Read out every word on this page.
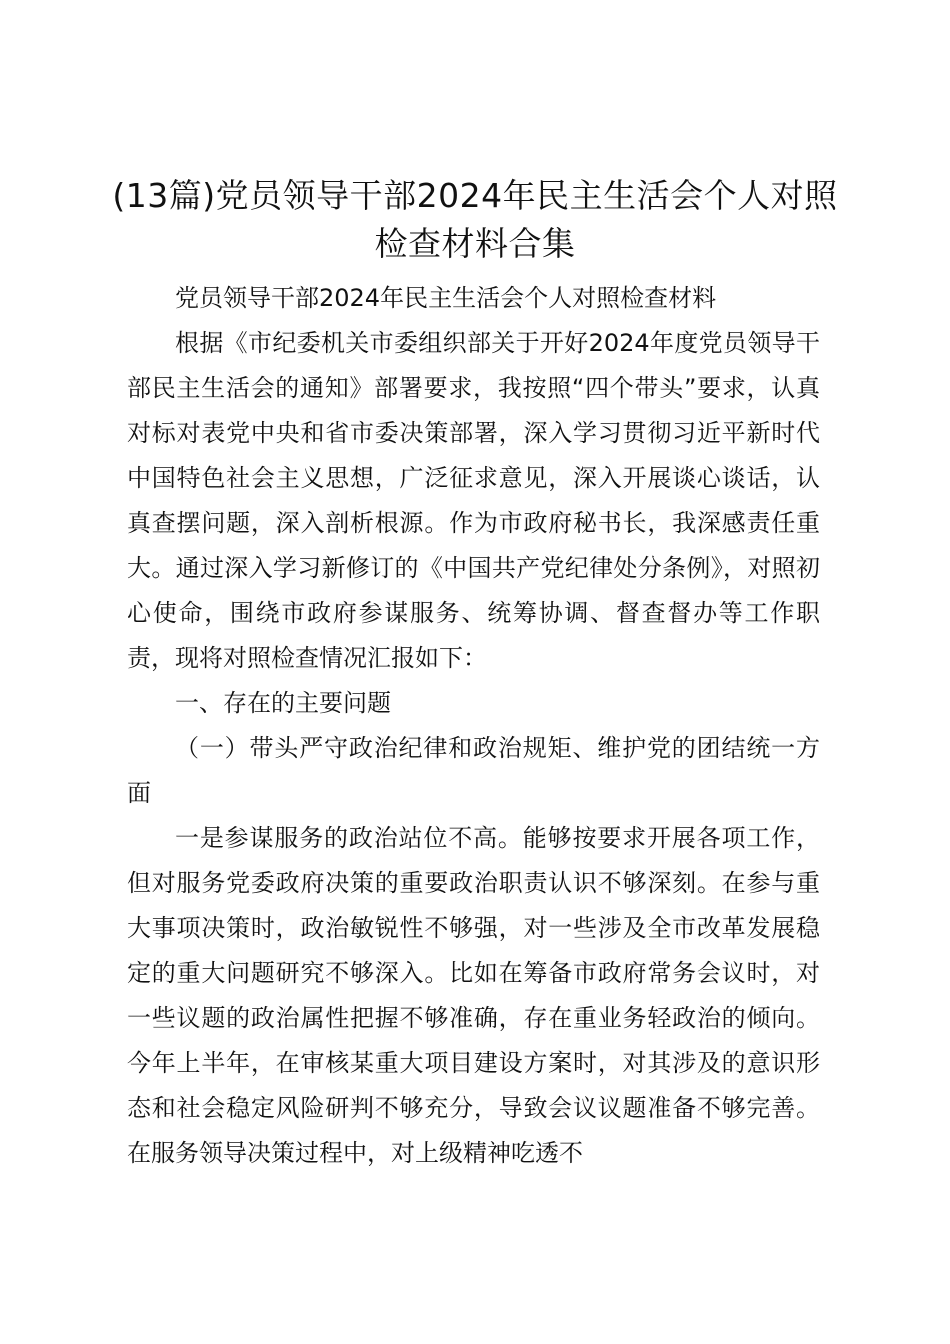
(13篇)党员领导干部2024年民主生活会个人对照检查材料合集

党员领导干部2024年民主生活会个人对照检查材料

根据《市纪委机关市委组织部关于开好2024年度党员领导干部民主生活会的通知》部署要求，我按照“四个带头”要求，认真对标对表党中央和省市委决策部署，深入学习贯彻习近平新时代中国特色社会主义思想，广泛征求意见，深入开展谈心谈话，认真查摆问题，深入剖析根源。作为市政府秘书长，我深感责任重大。通过深入学习新修订的《中国共产党纪律处分条例》，对照初心使命，围绕市政府参谋服务、统筹协调、督查督办等工作职责，现将对照检查情况汇报如下：

一、存在的主要问题

（一）带头严守政治纪律和政治规矩、维护党的团结统一方面

一是参谋服务的政治站位不高。能够按要求开展各项工作，但对服务党委政府决策的重要政治职责认识不够深刻。在参与重大事项决策时，政治敏锐性不够强，对一些涉及全市改革发展稳定的重大问题研究不够深入。比如在筹备市政府常务会议时，对一些议题的政治属性把握不够准确，存在重业务轻政治的倾向。今年上半年，在审核某重大项目建设方案时，对其涉及的意识形态和社会稳定风险研判不够充分，导致会议议题准备不够完善。在服务领导决策过程中，对上级精神吃透不
